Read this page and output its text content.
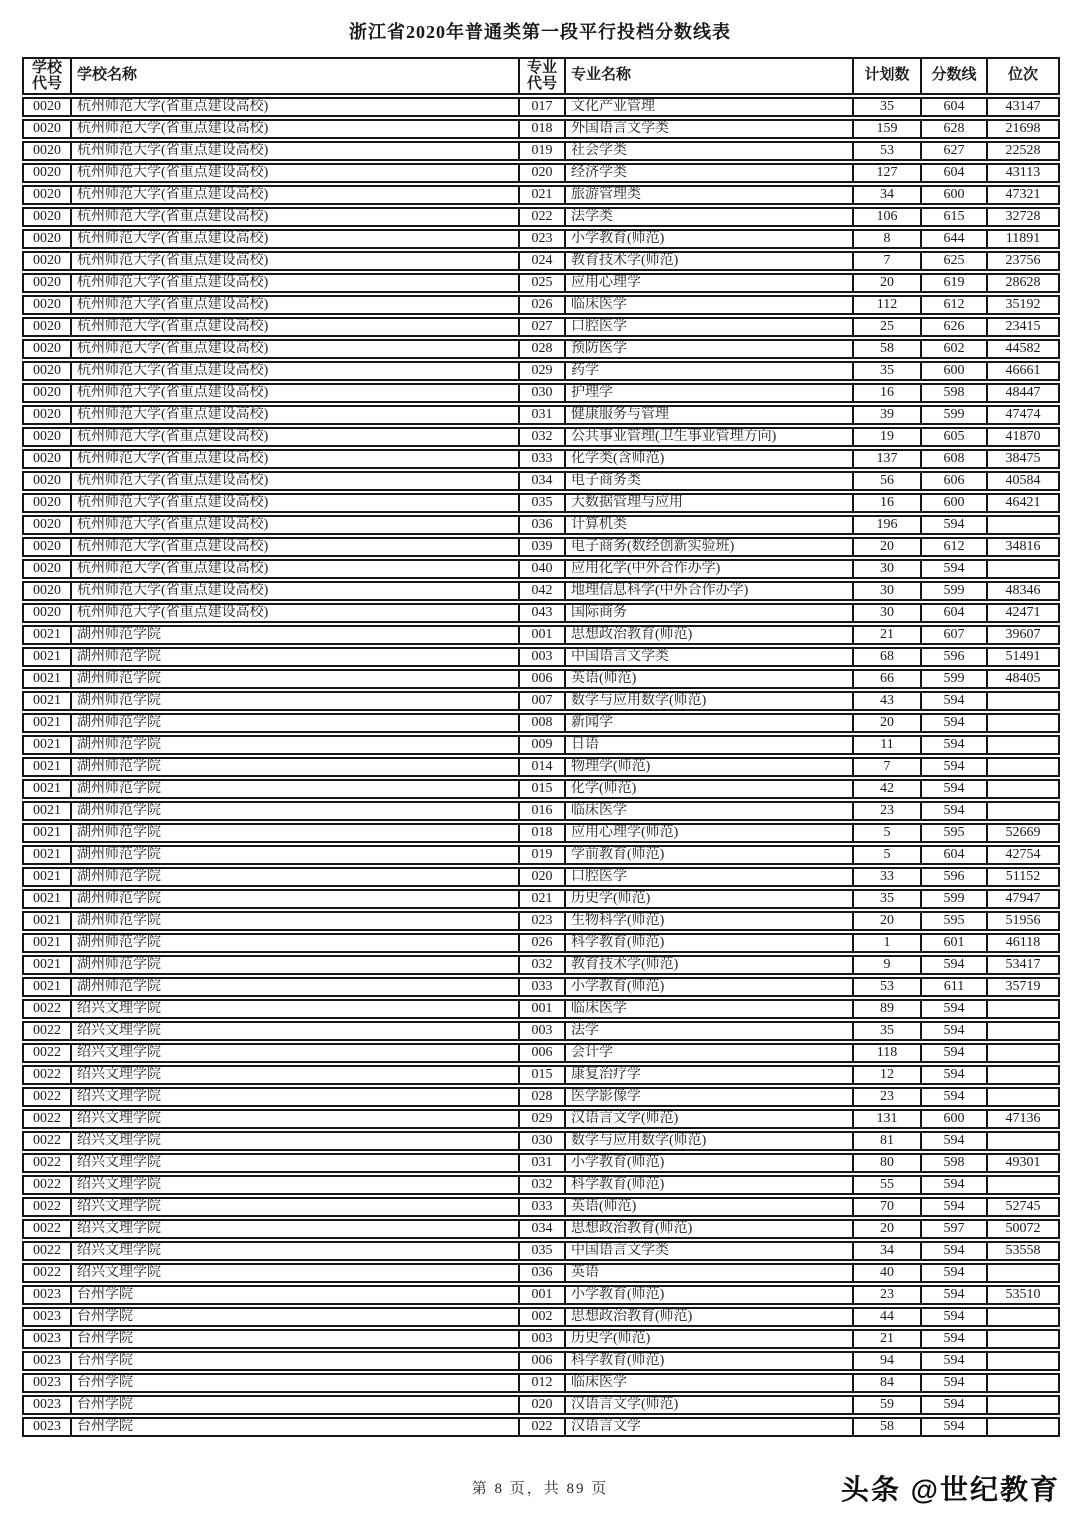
浙江省2020年普通类第一段平行投档分数线表
学校代号
学校名称	专业代号
专业名称	计划数	分数线	位次
0020	杭州师范大学(省重点建设高校)	017	文化产业管理	35	604	43147
0020	杭州师范大学(省重点建设高校)	018	外国语言文学类	159	628	21698
0020	杭州师范大学(省重点建设高校)	019	社会学类	53	627	22528
0020	杭州师范大学(省重点建设高校)	020	经济学类	127	604	43113
0020	杭州师范大学(省重点建设高校)	021	旅游管理类	34	600	47321
0020	杭州师范大学(省重点建设高校)	022	法学类	106	615	32728
0020	杭州师范大学(省重点建设高校)	023	小学教育(师范)	8	644	11891
0020	杭州师范大学(省重点建设高校)	024	教育技术学(师范)	7	625	23756
0020	杭州师范大学(省重点建设高校)	025	应用心理学	20	619	28628
0020	杭州师范大学(省重点建设高校)	026	临床医学	112	612	35192
0020	杭州师范大学(省重点建设高校)	027	口腔医学	25	626	23415
0020	杭州师范大学(省重点建设高校)	028	预防医学	58	602	44582
0020	杭州师范大学(省重点建设高校)	029	药学	35	600	46661
0020	杭州师范大学(省重点建设高校)	030	护理学	16	598	48447
0020	杭州师范大学(省重点建设高校)	031	健康服务与管理	39	599	47474
0020	杭州师范大学(省重点建设高校)	032	公共事业管理(卫生事业管理方向)	19	605	41870
0020	杭州师范大学(省重点建设高校)	033	化学类(含师范)	137	608	38475
0020	杭州师范大学(省重点建设高校)	034	电子商务类	56	606	40584
0020	杭州师范大学(省重点建设高校)	035	大数据管理与应用	16	600	46421
0020	杭州师范大学(省重点建设高校)	036	计算机类	196	594
0020	杭州师范大学(省重点建设高校)	039	电子商务(数经创新实验班)	20	612	34816
0020	杭州师范大学(省重点建设高校)	040	应用化学(中外合作办学)	30	594
0020	杭州师范大学(省重点建设高校)	042	地理信息科学(中外合作办学)	30	599	48346
0020	杭州师范大学(省重点建设高校)	043	国际商务	30	604	42471
0021	湖州师范学院	001	思想政治教育(师范)	21	607	39607
0021	湖州师范学院	003	中国语言文学类	68	596	51491
0021	湖州师范学院	006	英语(师范)	66	599	48405
0021	湖州师范学院	007	数学与应用数学(师范)	43	594
0021	湖州师范学院	008	新闻学	20	594
0021	湖州师范学院	009	日语	11	594
0021	湖州师范学院	014	物理学(师范)	7	594
0021	湖州师范学院	015	化学(师范)	42	594
0021	湖州师范学院	016	临床医学	23	594
0021	湖州师范学院	018	应用心理学(师范)	5	595	52669
0021	湖州师范学院	019	学前教育(师范)	5	604	42754
0021	湖州师范学院	020	口腔医学	33	596	51152
0021	湖州师范学院	021	历史学(师范)	35	599	47947
0021	湖州师范学院	023	生物科学(师范)	20	595	51956
0021	湖州师范学院	026	科学教育(师范)	1	601	46118
0021	湖州师范学院	032	教育技术学(师范)	9	594	53417
0021	湖州师范学院	033	小学教育(师范)	53	611	35719
0022	绍兴文理学院	001	临床医学	89	594
0022	绍兴文理学院	003	法学	35	594
0022	绍兴文理学院	006	会计学	118	594
0022	绍兴文理学院	015	康复治疗学	12	594
0022	绍兴文理学院	028	医学影像学	23	594
0022	绍兴文理学院	029	汉语言文学(师范)	131	600	47136
0022	绍兴文理学院	030	数学与应用数学(师范)	81	594
0022	绍兴文理学院	031	小学教育(师范)	80	598	49301
0022	绍兴文理学院	032	科学教育(师范)	55	594
0022	绍兴文理学院	033	英语(师范)	70	594	52745
0022	绍兴文理学院	034	思想政治教育(师范)	20	597	50072
0022	绍兴文理学院	035	中国语言文学类	34	594	53558
0022	绍兴文理学院	036	英语	40	594
0023	台州学院	001	小学教育(师范)	23	594	53510
0023	台州学院	002	思想政治教育(师范)	44	594
0023	台州学院	003	历史学(师范)	21	594
0023	台州学院	006	科学教育(师范)	94	594
0023	台州学院	012	临床医学	84	594
0023	台州学院	020	汉语言文学(师范)	59	594
0023	台州学院	022	汉语言文学	58	594
第 8 页，共 89 页	头条 @世纪教育
